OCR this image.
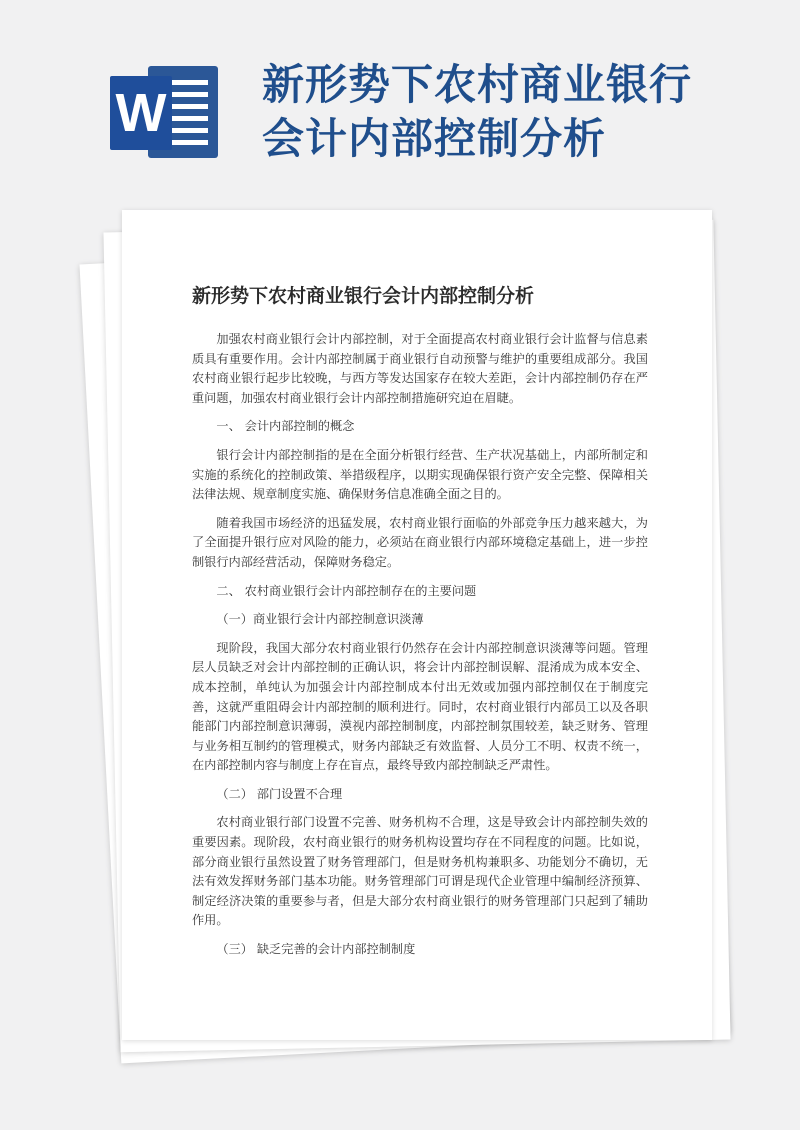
W 新形势下农村商业银行
会计内部控制分析
新形势下农村商业银行会计内部控制分析

加强农村商业银行会计内部控制，对于全面提高农村商业银行会计监督与信息素质具有重要作用。会计内部控制属于商业银行自动预警与维护的重要组成部分。我国农村商业银行起步比较晚，与西方等发达国家存在较大差距，会计内部控制仍存在严重问题，加强农村商业银行会计内部控制措施研究迫在眉睫。

一、 会计内部控制的概念

银行会计内部控制指的是在全面分析银行经营、生产状况基础上，内部所制定和实施的系统化的控制政策、举措级程序，以期实现确保银行资产安全完整、保障相关法律法规、规章制度实施、确保财务信息准确全面之目的。

随着我国市场经济的迅猛发展，农村商业银行面临的外部竞争压力越来越大，为了全面提升银行应对风险的能力，必须站在商业银行内部环境稳定基础上，进一步控制银行内部经营活动，保障财务稳定。

二、 农村商业银行会计内部控制存在的主要问题
（一）商业银行会计内部控制意识淡薄

现阶段，我国大部分农村商业银行仍然存在会计内部控制意识淡薄等问题。管理层人员缺乏对会计内部控制的正确认识，将会计内部控制误解、混淆成为成本安全、成本控制，单纯认为加强会计内部控制成本付出无效或加强内部控制仅在于制度完善，这就严重阻碍会计内部控制的顺利进行。同时，农村商业银行内部员工以及各职能部门内部控制意识薄弱，漠视内部控制制度，内部控制氛围较差，缺乏财务、管理与业务相互制约的管理模式，财务内部缺乏有效监督、人员分工不明、权责不统一，在内部控制内容与制度上存在盲点，最终导致内部控制缺乏严肃性。

（二） 部门设置不合理

农村商业银行部门设置不完善、财务机构不合理，这是导致会计内部控制失效的重要因素。现阶段，农村商业银行的财务机构设置均存在不同程度的问题。比如说，部分商业银行虽然设置了财务管理部门，但是财务机构兼职多、功能划分不确切，无法有效发挥财务部门基本功能。财务管理部门可谓是现代企业管理中编制经济预算、制定经济决策的重要参与者，但是大部分农村商业银行的财务管理部门只起到了辅助作用。

（三） 缺乏完善的会计内部控制制度
